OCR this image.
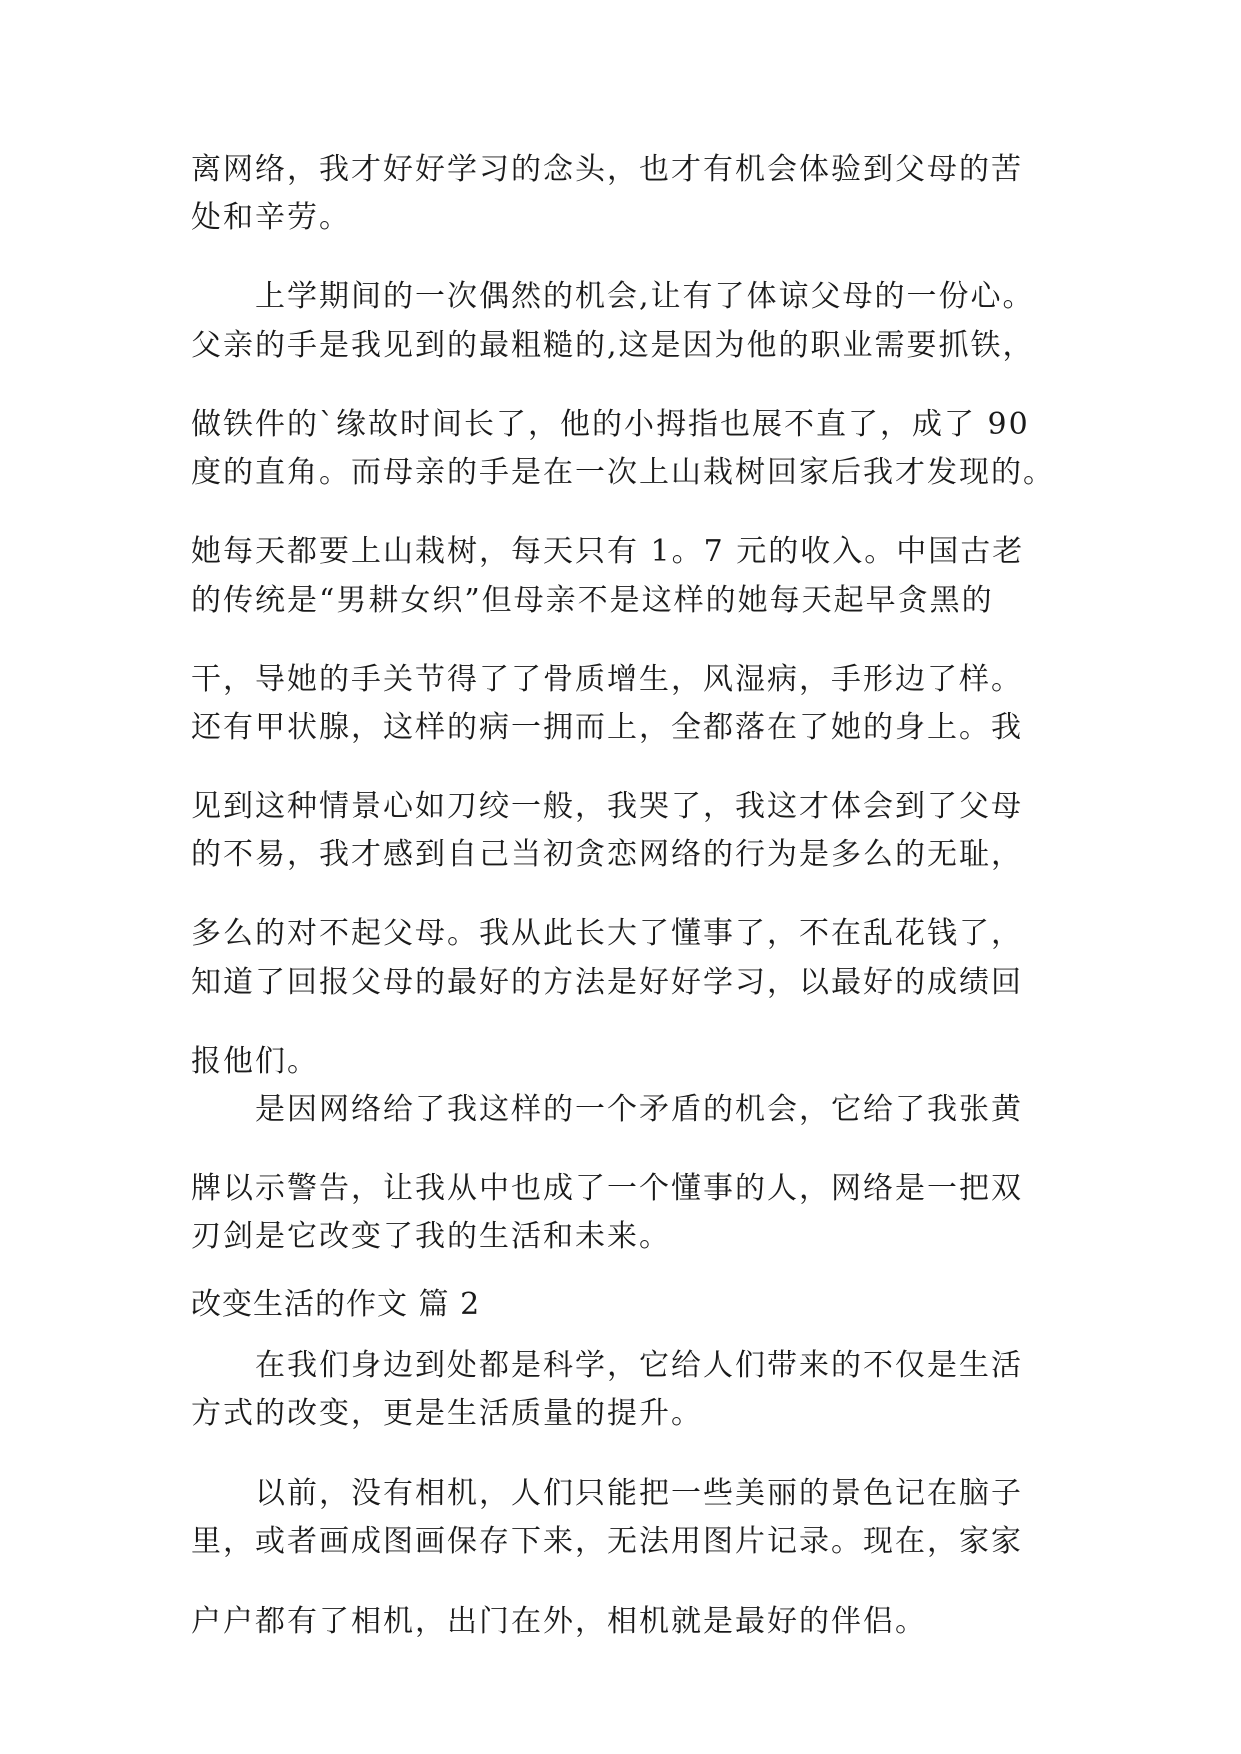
离网络，我才好好学习的念头，也才有机会体验到父母的苦
处和辛劳。
上学期间的一次偶然的机会,让有了体谅父母的一份心。
父亲的手是我见到的最粗糙的,这是因为他的职业需要抓铁，
做铁件的`缘故时间长了，他的小拇指也展不直了，成了 90
度的直角。而母亲的手是在一次上山栽树回家后我才发现的。
她每天都要上山栽树，每天只有 1。7 元的收入。中国古老
的传统是“男耕女织”但母亲不是这样的她每天起早贪黑的
干，导她的手关节得了了骨质增生，风湿病，手形边了样。
还有甲状腺，这样的病一拥而上，全都落在了她的身上。我
见到这种情景心如刀绞一般，我哭了，我这才体会到了父母
的不易，我才感到自己当初贪恋网络的行为是多么的无耻，
多么的对不起父母。我从此长大了懂事了，不在乱花钱了，
知道了回报父母的最好的方法是好好学习，以最好的成绩回
报他们。
是因网络给了我这样的一个矛盾的机会，它给了我张黄
牌以示警告，让我从中也成了一个懂事的人，网络是一把双
刃剑是它改变了我的生活和未来。
改变生活的作文 篇 2
在我们身边到处都是科学，它给人们带来的不仅是生活
方式的改变，更是生活质量的提升。
以前，没有相机，人们只能把一些美丽的景色记在脑子
里，或者画成图画保存下来，无法用图片记录。现在，家家
户户都有了相机，出门在外，相机就是最好的伴侣。
